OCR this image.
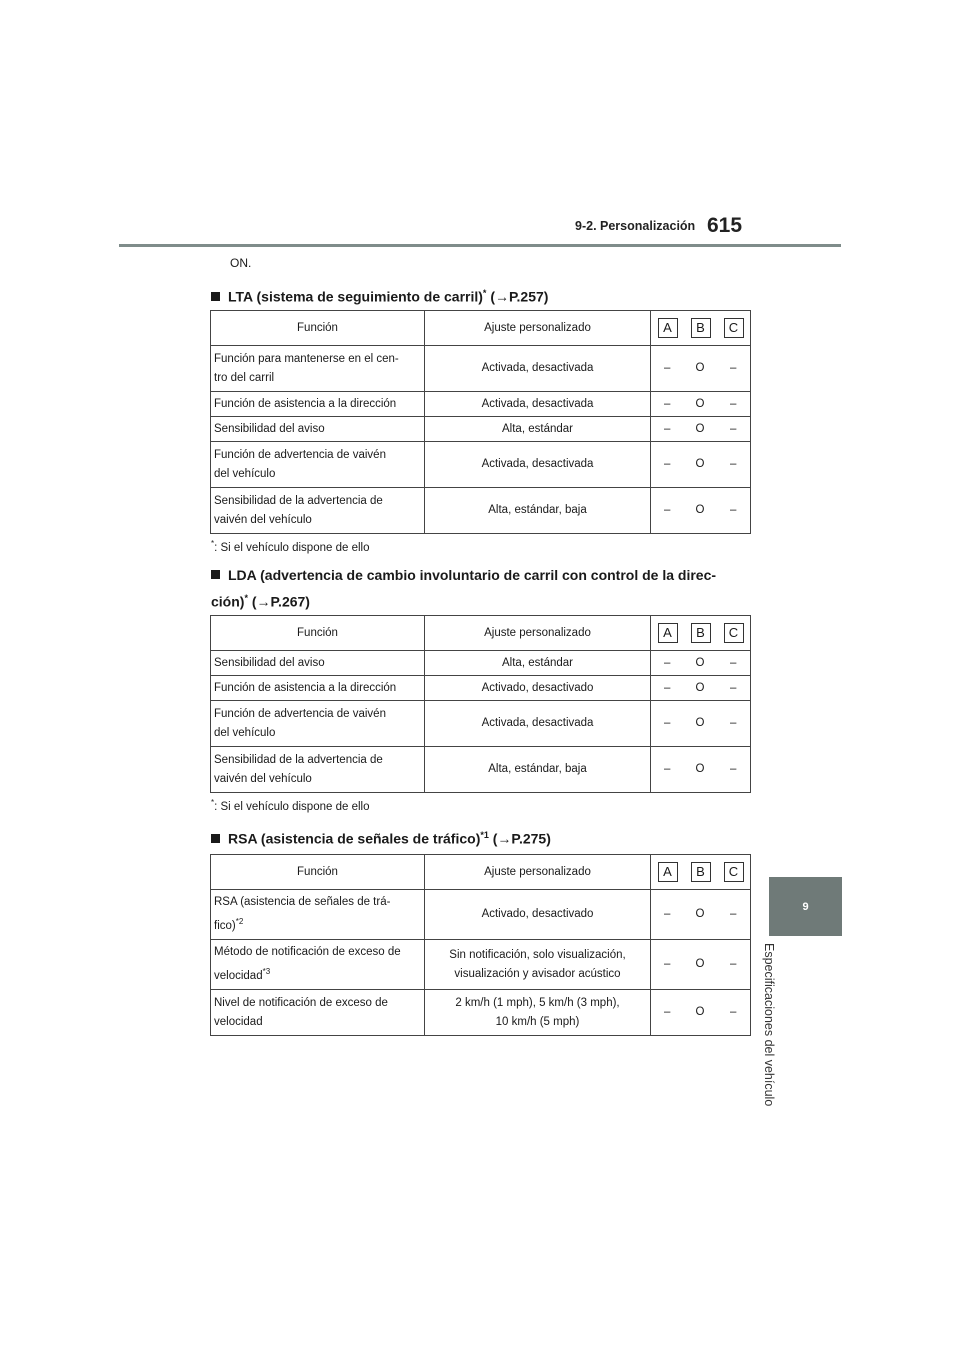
9-2. Personalización 615
9
Especificaciones del vehículo
ON.
LTA (sistema de seguimiento de carril)* (→P.257)
Función	Ajuste personalizado	A B C		

Función para mantenerse en el cen-
tro del carril	Activada, desactivada	–	O	–
Función de asistencia a la dirección	Activada, desactivada	–	O	–
Sensibilidad del aviso	Alta, estándar	–	O	–
Función de advertencia de vaivén
del vehículo	Activada, desactivada	–	O	–
Sensibilidad de la advertencia de
vaivén del vehículo	Alta, estándar, baja	–	O	–
*: Si el vehículo dispone de ello
LDA (advertencia de cambio involuntario de carril con control de la direc-
ción)* (→P.267)
Función	Ajuste personalizado	A B C		

Sensibilidad del aviso	Alta, estándar	–	O	–
Función de asistencia a la dirección	Activado, desactivado	–	O	–
Función de advertencia de vaivén
del vehículo	Activada, desactivada	–	O	–
Sensibilidad de la advertencia de
vaivén del vehículo	Alta, estándar, baja	–	O	–
*: Si el vehículo dispone de ello
RSA (asistencia de señales de tráfico)$^{*1}$ (→P.275)
Función	Ajuste personalizado	A B C		

RSA (asistencia de señales de trá-
fico)$^{*2}$	Activado, desactivado	–	O	–
Método de notificación de exceso de
velocidad$^{*3}$	Sin notificación, solo visualización,
visualización y avisador acústico	–	O	–
Nivel de notificación de exceso de
velocidad	2 km/h (1 mph), 5 km/h (3 mph),
10 km/h (5 mph)	–	O	–
